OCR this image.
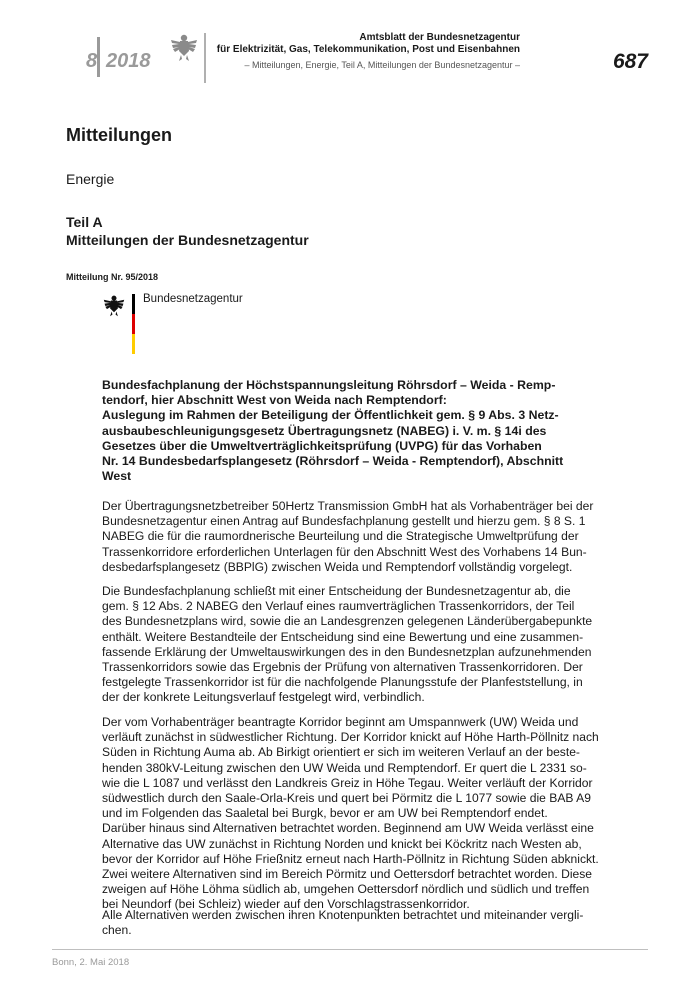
8 2018
Amtsblatt der Bundesnetzagentur
für Elektrizität, Gas, Telekommunikation, Post und Eisenbahnen
– Mitteilungen, Energie, Teil A, Mitteilungen der Bundesnetzagentur –	687
Mitteilungen
Energie
Teil A
Mitteilungen der Bundesnetzagentur
Mitteilung Nr. 95/2018
Bundesnetzagentur
Bundesfachplanung der Höchstspannungsleitung Röhrsdorf – Weida - Remp-
tendorf, hier Abschnitt West von Weida nach Remptendorf:
Auslegung im Rahmen der Beteiligung der Öffentlichkeit gem. § 9 Abs. 3 Netz-
ausbaubeschleunigungsgesetz Übertragungsnetz (NABEG) i. V. m. § 14i des
Gesetzes über die Umweltverträglichkeitsprüfung (UVPG) für das Vorhaben
Nr. 14 Bundesbedarfsplangesetz (Röhrsdorf – Weida - Remptendorf), Abschnitt
West
Der Übertragungsnetzbetreiber 50Hertz Transmission GmbH hat als Vorhabenträger bei der
Bundesnetzagentur einen Antrag auf Bundesfachplanung gestellt und hierzu gem. § 8 S. 1
NABEG die für die raumordnerische Beurteilung und die Strategische Umweltprüfung der
Trassenkorridore erforderlichen Unterlagen für den Abschnitt West des Vorhabens 14 Bun-
desbedarfsplangesetz (BBPlG) zwischen Weida und Remptendorf vollständig vorgelegt.
Die Bundesfachplanung schließt mit einer Entscheidung der Bundesnetzagentur ab, die
gem. § 12 Abs. 2 NABEG den Verlauf eines raumverträglichen Trassenkorridors, der Teil
des Bundesnetzplans wird, sowie die an Landesgrenzen gelegenen Länderübergabepunkte
enthält. Weitere Bestandteile der Entscheidung sind eine Bewertung und eine zusammen-
fassende Erklärung der Umweltauswirkungen des in den Bundesnetzplan aufzunehmenden
Trassenkorridors sowie das Ergebnis der Prüfung von alternativen Trassenkorridoren. Der
festgelegte Trassenkorridor ist für die nachfolgende Planungsstufe der Planfeststellung, in
der der konkrete Leitungsverlauf festgelegt wird, verbindlich.
Der vom Vorhabenträger beantragte Korridor beginnt am Umspannwerk (UW) Weida und
verläuft zunächst in südwestlicher Richtung. Der Korridor knickt auf Höhe Harth-Pöllnitz nach
Süden in Richtung Auma ab. Ab Birkigt orientiert er sich im weiteren Verlauf an der beste-
henden 380kV-Leitung zwischen den UW Weida und Remptendorf. Er quert die L 2331 so-
wie die L 1087 und verlässt den Landkreis Greiz in Höhe Tegau. Weiter verläuft der Korridor
südwestlich durch den Saale-Orla-Kreis und quert bei Pörmitz die L 1077 sowie die BAB A9
und im Folgenden das Saaletal bei Burgk, bevor er am UW bei Remptendorf endet.
Darüber hinaus sind Alternativen betrachtet worden. Beginnend am UW Weida verlässt eine
Alternative das UW zunächst in Richtung Norden und knickt bei Köckritz nach Westen ab,
bevor der Korridor auf Höhe Frießnitz erneut nach Harth-Pöllnitz in Richtung Süden abknickt.
Zwei weitere Alternativen sind im Bereich Pörmitz und Oettersdorf betrachtet worden. Diese
zweigen auf Höhe Löhma südlich ab, umgehen Oettersdorf nördlich und südlich und treffen
bei Neundorf (bei Schleiz) wieder auf den Vorschlagstrassenkorridor.
Alle Alternativen werden zwischen ihren Knotenpunkten betrachtet und miteinander vergli-
chen.
Bonn, 2. Mai 2018
